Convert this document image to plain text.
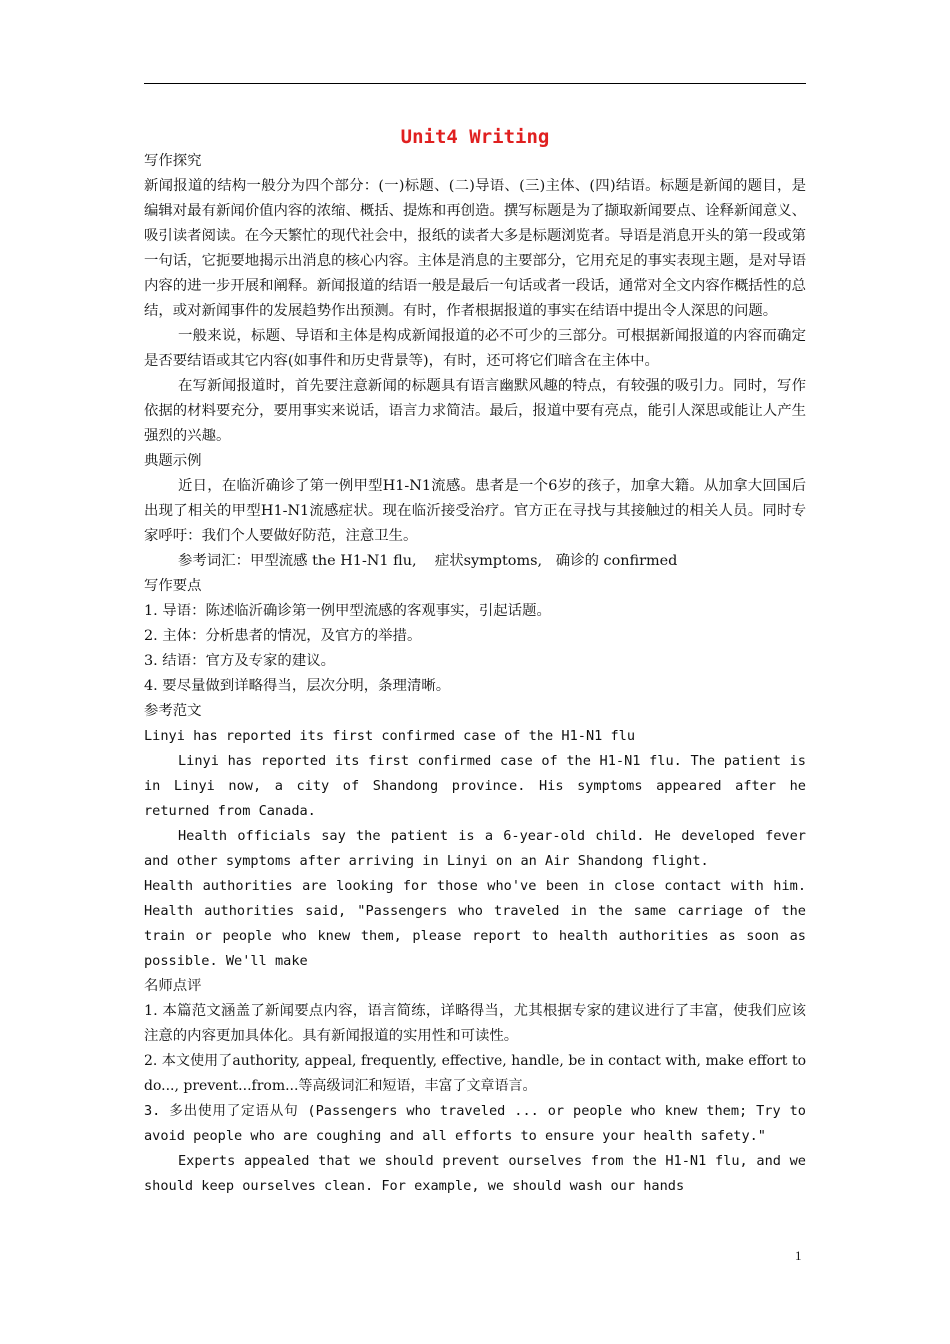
Unit4 Writing

写作探究

新闻报道的结构一般分为四个部分：(一)标题、(二)导语、(三)主体、(四)结语。标题是新闻的题目，是编辑对最有新闻价值内容的浓缩、概括、提炼和再创造。撰写标题是为了撷取新闻要点、诠释新闻意义、吸引读者阅读。在今天繁忙的现代社会中，报纸的读者大多是标题浏览者。导语是消息开头的第一段或第一句话，它扼要地揭示出消息的核心内容。主体是消息的主要部分，它用充足的事实表现主题，是对导语内容的进一步开展和阐释。新闻报道的结语一般是最后一句话或者一段话，通常对全文内容作概括性的总结，或对新闻事件的发展趋势作出预测。有时，作者根据报道的事实在结语中提出令人深思的问题。

一般来说，标题、导语和主体是构成新闻报道的必不可少的三部分。可根据新闻报道的内容而确定是否要结语或其它内容(如事件和历史背景等)，有时，还可将它们暗含在主体中。

在写新闻报道时，首先要注意新闻的标题具有语言幽默风趣的特点，有较强的吸引力。同时，写作依据的材料要充分，要用事实来说话，语言力求简洁。最后，报道中要有亮点，能引人深思或能让人产生强烈的兴趣。

典题示例

近日，在临沂确诊了第一例甲型H1-N1流感。患者是一个6岁的孩子，加拿大籍。从加拿大回国后出现了相关的甲型H1-N1流感症状。现在临沂接受治疗。官方正在寻找与其接触过的相关人员。同时专家呼吁：我们个人要做好防范，注意卫生。

参考词汇：甲型流感 the H1-N1 flu,    症状symptoms,   确诊的 confirmed

写作要点

1. 导语：陈述临沂确诊第一例甲型流感的客观事实，引起话题。

2. 主体：分析患者的情况，及官方的举措。

3. 结语：官方及专家的建议。

4. 要尽量做到详略得当，层次分明，条理清晰。

参考范文

Linyi has reported its first confirmed case of the H1-N1 flu

Linyi has reported its first confirmed case of the H1-N1 flu. The patient is in Linyi now, a city of Shandong province. His symptoms appeared after he returned from Canada.

Health officials say the patient is a 6-year-old child. He developed fever and other symptoms after arriving in Linyi on an Air Shandong flight.

Health authorities are looking for those who've been in close contact with him. Health authorities said, "Passengers who traveled in the same carriage of the train or people who knew them, please report to health authorities as soon as possible. We'll make

名师点评

1. 本篇范文涵盖了新闻要点内容，语言简练，详略得当，尤其根据专家的建议进行了丰富，使我们应该注意的内容更加具体化。具有新闻报道的实用性和可读性。

2. 本文使用了authority, appeal, frequently, effective, handle, be in contact with, make effort to do..., prevent...from...等高级词汇和短语，丰富了文章语言。

3. 多出使用了定语从句 (Passengers who traveled ... or people who knew them; Try to avoid people who are coughing and all efforts to ensure your health safety."

Experts appealed that we should prevent ourselves from the H1-N1 flu, and we should keep ourselves clean. For example, we should wash our hands

1
